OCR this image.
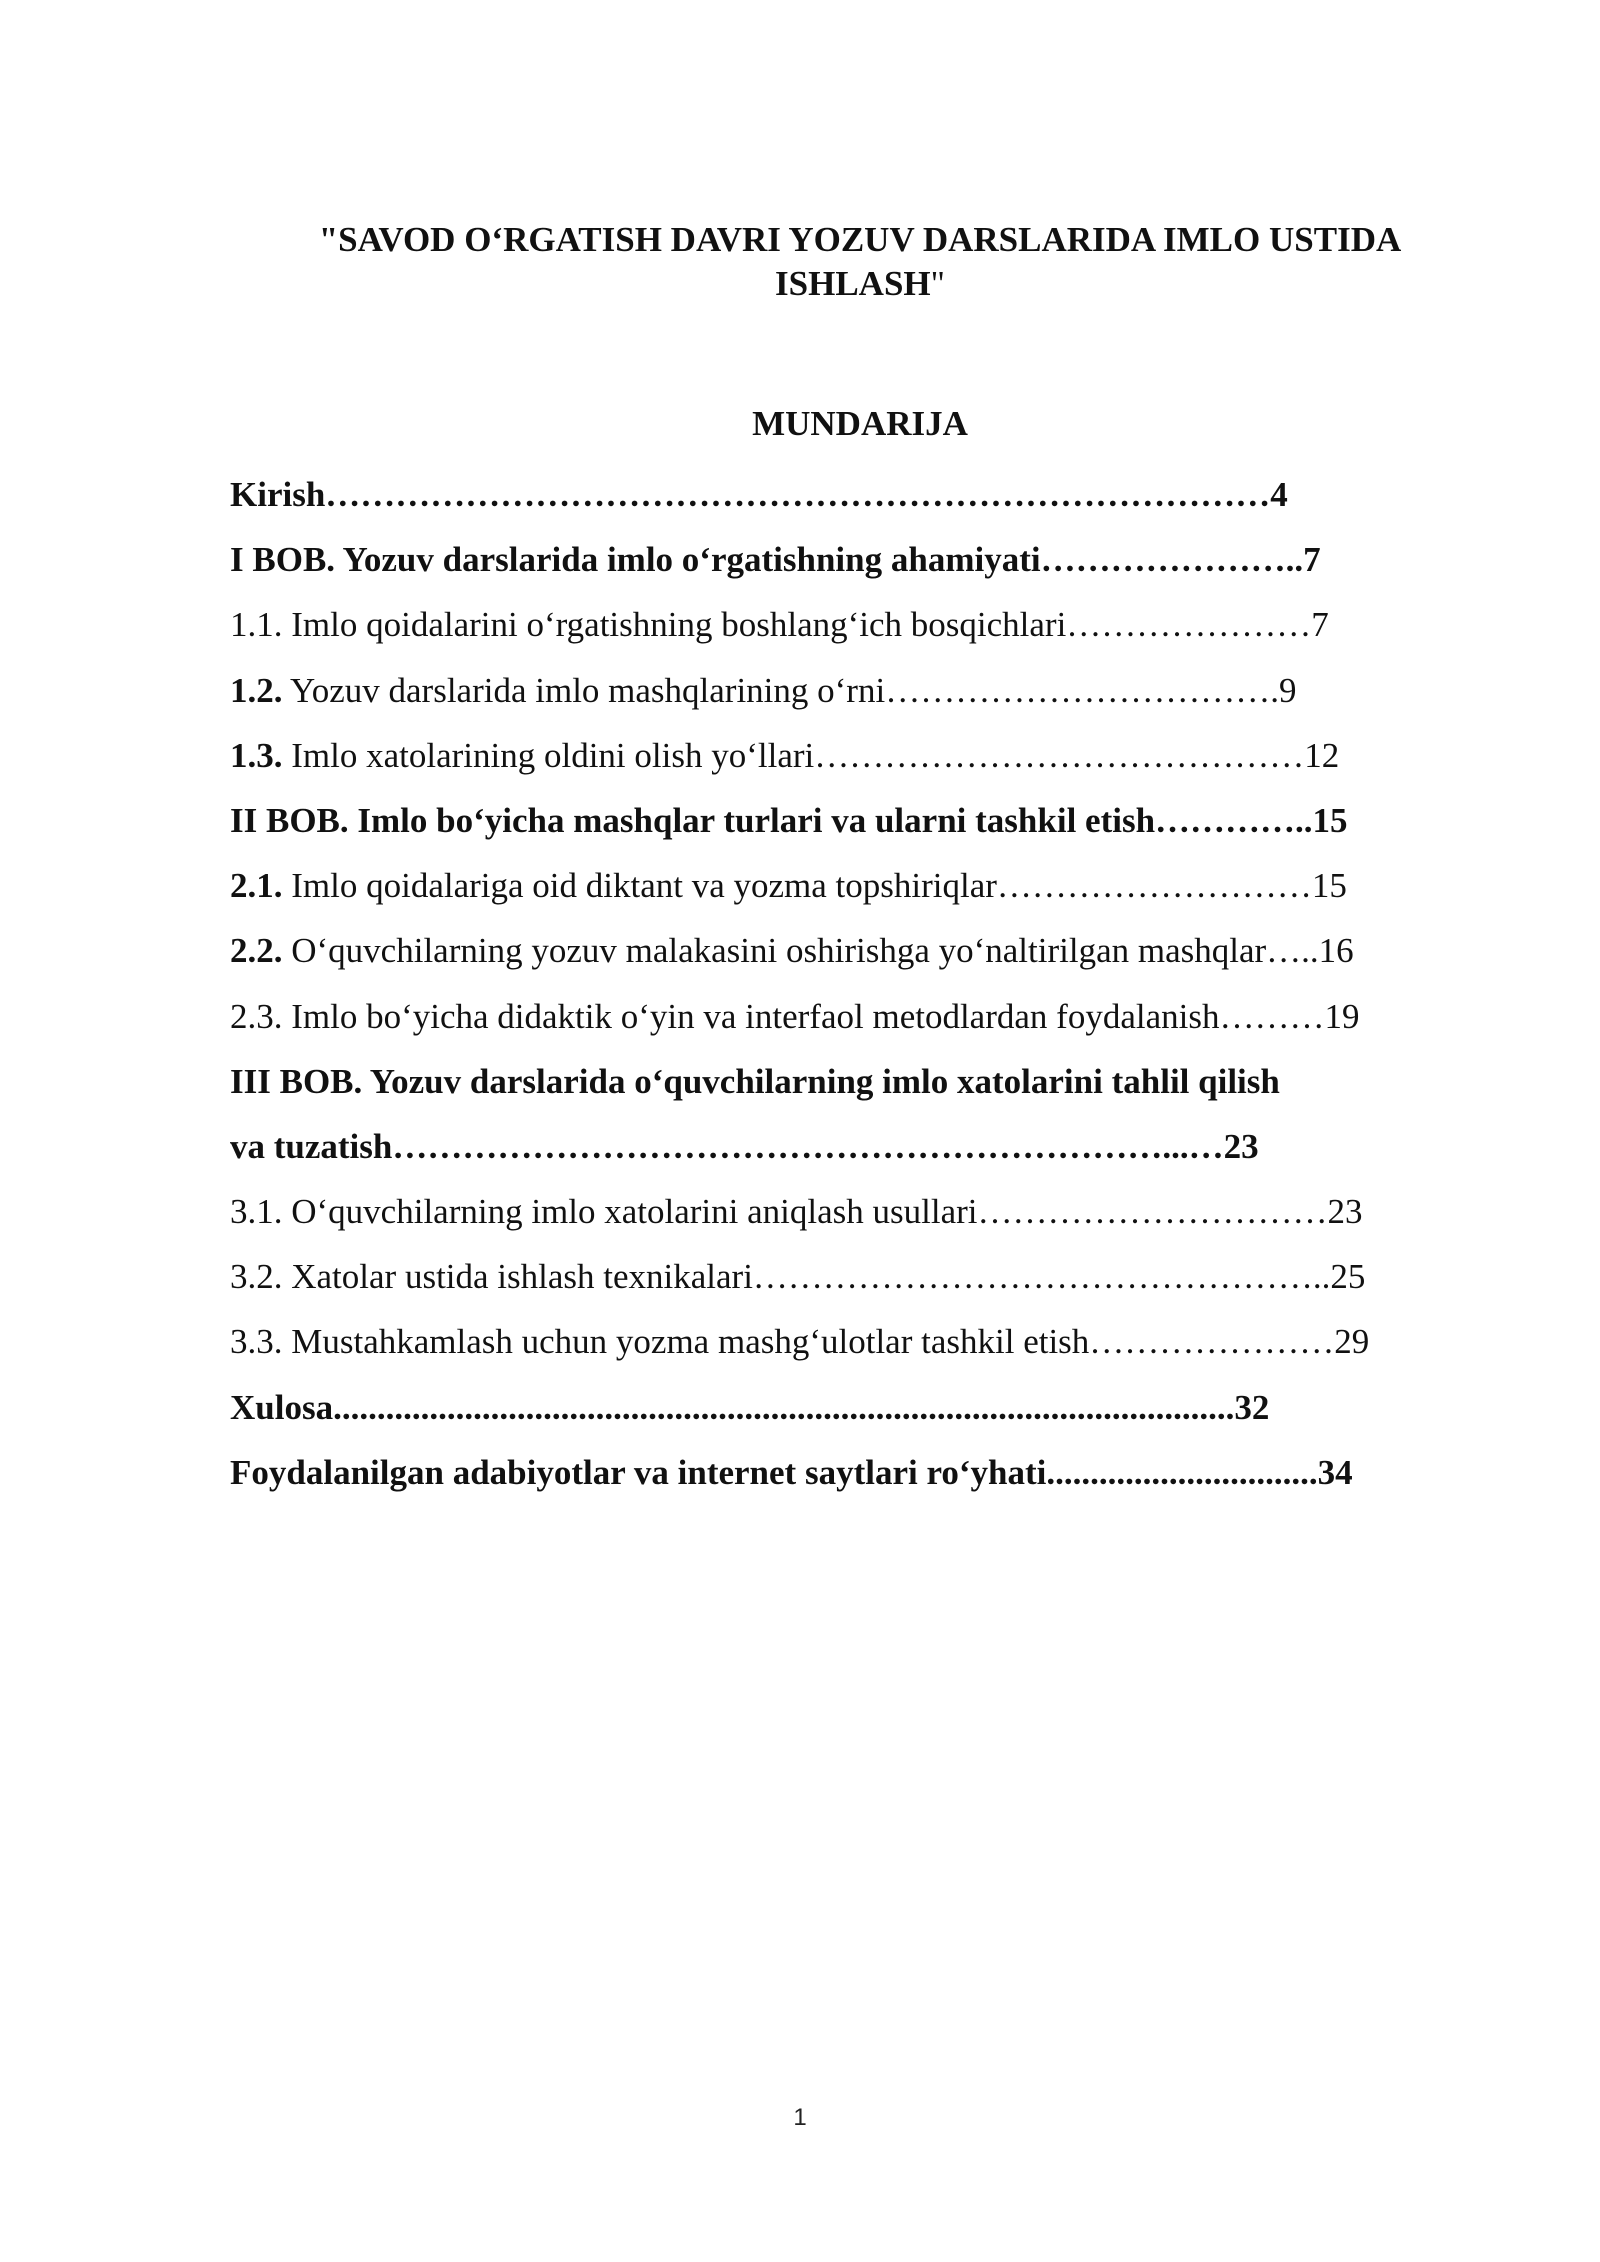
"SAVOD O‘RGATISH DAVRI YOZUV DARSLARIDA IMLO USTIDA
ISHLASH"
MUNDARIJA
Kirish………………………………………………………………………4
I BOB. Yozuv darslarida imlo o‘rgatishning ahamiyati…………………..7
1.1. Imlo qoidalarini o‘rgatishning boshlang‘ich bosqichlari…………………7
1.2. Yozuv darslarida imlo mashqlarining o‘rni…………………………….9
1.3. Imlo xatolarining oldini olish yo‘llari……………………………………12
II BOB. Imlo bo‘yicha mashqlar turlari va ularni tashkil etish…………..15
2.1. Imlo qoidalariga oid diktant va yozma topshiriqlar………………………15
2.2. O‘quvchilarning yozuv malakasini oshirishga yo‘naltirilgan mashqlar…..16
2.3. Imlo bo‘yicha didaktik o‘yin va interfaol metodlardan foydalanish………19
III BOB. Yozuv darslarida o‘quvchilarning imlo xatolarini tahlil qilish
va tuzatish…………………………………………………………...…23
3.1. O‘quvchilarning imlo xatolarini aniqlash usullari…………………………23
3.2. Xatolar ustida ishlash texnikalari…………………………………………..25
3.3. Mustahkamlash uchun yozma mashg‘ulotlar tashkil etish…………………29
Xulosa.......................................................................................................32
Foydalanilgan adabiyotlar va internet saytlari ro‘yhati...............................34
1
